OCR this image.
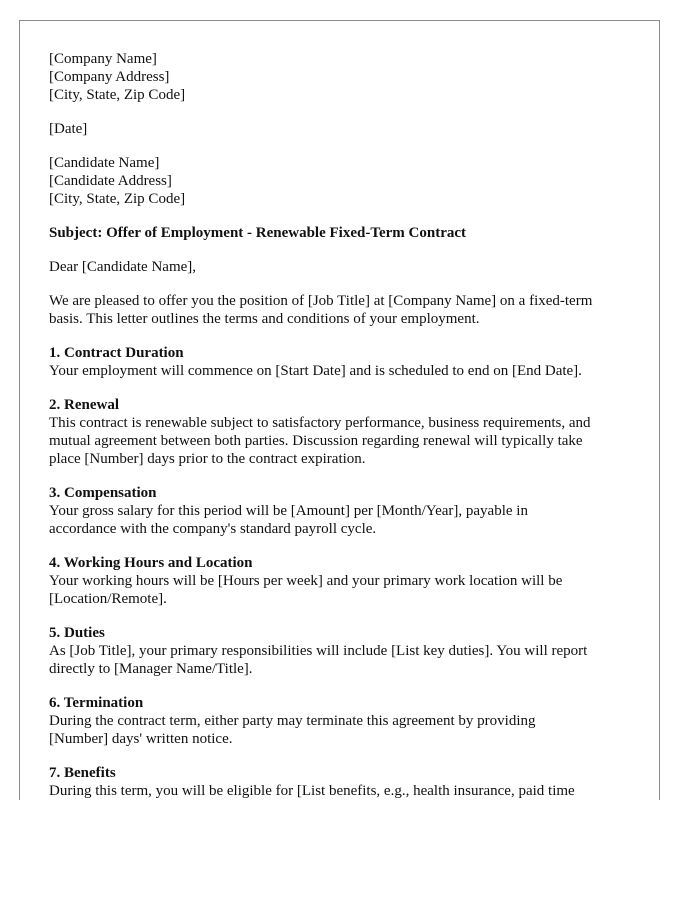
[Company Name]
[Company Address]
[City, State, Zip Code]
[Date]
[Candidate Name]
[Candidate Address]
[City, State, Zip Code]
Subject: Offer of Employment - Renewable Fixed-Term Contract
Dear [Candidate Name],
We are pleased to offer you the position of [Job Title] at [Company Name] on a fixed-term
basis. This letter outlines the terms and conditions of your employment.
1. Contract Duration
Your employment will commence on [Start Date] and is scheduled to end on [End Date].
2. Renewal
This contract is renewable subject to satisfactory performance, business requirements, and
mutual agreement between both parties. Discussion regarding renewal will typically take
place [Number] days prior to the contract expiration.
3. Compensation
Your gross salary for this period will be [Amount] per [Month/Year], payable in
accordance with the company's standard payroll cycle.
4. Working Hours and Location
Your working hours will be [Hours per week] and your primary work location will be
[Location/Remote].
5. Duties
As [Job Title], your primary responsibilities will include [List key duties]. You will report
directly to [Manager Name/Title].
6. Termination
During the contract term, either party may terminate this agreement by providing
[Number] days' written notice.
7. Benefits
During this term, you will be eligible for [List benefits, e.g., health insurance, paid time
